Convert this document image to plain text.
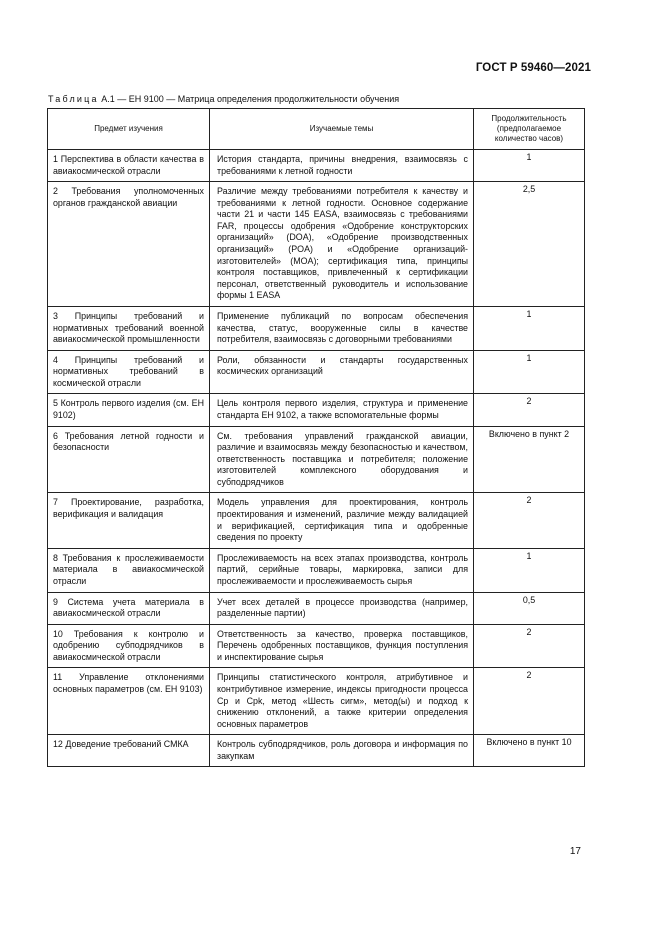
ГОСТ Р 59460—2021
Таблица А.1 — ЕН 9100 — Матрица определения продолжительности обучения
Предмет изучения	Изучаемые темы	Продолжительность (предполагаемое количество часов)
1 Перспектива в области качества в авиакосмической отрасли	История стандарта, причины внедрения, взаимосвязь с требованиями к летной годности	1
2 Требования уполномоченных органов гражданской авиации	Различие между требованиями потребителя к качеству и требованиями к летной годности. Основное содержание части 21 и части 145 EASA, взаимосвязь с требованиями FAR, процессы одобрения «Одобрение конструкторских организаций» (DOA), «Одобрение производственных организаций» (POA) и «Одобрение организаций-изготовителей» (MOA); сертификация типа, принципы контроля поставщиков, привлеченный к сертификации персонал, ответственный руководитель и использование формы 1 EASA	2,5
3 Принципы требований и нормативных требований военной авиакосмической промышленности	Применение публикаций по вопросам обеспечения качества, статус, вооруженные силы в качестве потребителя, взаимосвязь с договорными требованиями	1
4 Принципы требований и нормативных требований в космической отрасли	Роли, обязанности и стандарты государственных космических организаций	1
5 Контроль первого изделия (см. ЕН 9102)	Цель контроля первого изделия, структура и применение стандарта ЕН 9102, а также вспомогательные формы	2
6 Требования летной годности и безопасности	См. требования управлений гражданской авиации, различие и взаимосвязь между безопасностью и качеством, ответственность поставщика и потребителя; положение изготовителей комплексного оборудования и субподрядчиков	Включено в пункт 2
7 Проектирование, разработка, верификация и валидация	Модель управления для проектирования, контроль проектирования и изменений, различие между валидацией и верификацией, сертификация типа и одобренные сведения по проекту	2
8 Требования к прослеживаемости материала в авиакосмической отрасли	Прослеживаемость на всех этапах производства, контроль партий, серийные товары, маркировка, записи для прослеживаемости и прослеживаемость сырья	1
9 Система учета материала в авиакосмической отрасли	Учет всех деталей в процессе производства (например, разделенные партии)	0,5
10 Требования к контролю и одобрению субподрядчиков в авиакосмической отрасли	Ответственность за качество, проверка поставщиков, Перечень одобренных поставщиков, функция поступления и инспектирование сырья	2
11 Управление отклонениями основных параметров (см. ЕН 9103)	Принципы статистического контроля, атрибутивное и контрибутивное измерение, индексы пригодности процесса Cp и Cpk, метод «Шесть сигм», метод(ы) и подход к снижению отклонений, а также критерии определения основных параметров	2
12 Доведение требований СМКА	Контроль субподрядчиков, роль договора и информация по закупкам	Включено в пункт 10
17
